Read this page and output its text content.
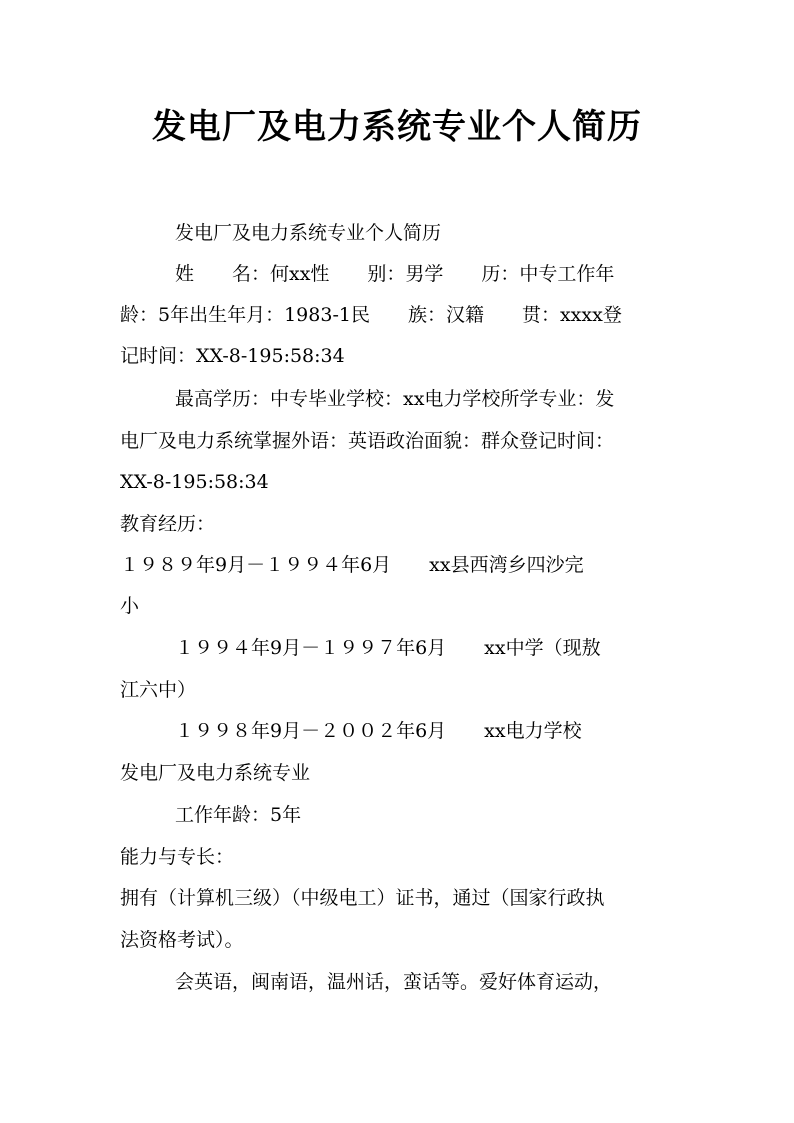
发电厂及电力系统专业个人简历
发电厂及电力系统专业个人简历
姓　　名：何xx性　　别：男学　　历：中专工作年
龄：5年出生年月：1983-1民　　族：汉籍　　贯：xxxx登
记时间：XX-8-195:58:34
最高学历：中专毕业学校：xx电力学校所学专业：发
电厂及电力系统掌握外语：英语政治面貌：群众登记时间：
XX-8-195:58:34
教育经历：
１９８９年9月－１９９４年6月　　xx县西湾乡四沙完
小
１９９４年9月－１９９７年6月　　xx中学（现敖
江六中）
１９９８年9月－２００２年6月　　xx电力学校
发电厂及电力系统专业
工作年龄：5年
能力与专长：
拥有（计算机三级）（中级电工）证书，通过（国家行政执
法资格考试）。
会英语，闽南语，温州话，蛮话等。爱好体育运动，
